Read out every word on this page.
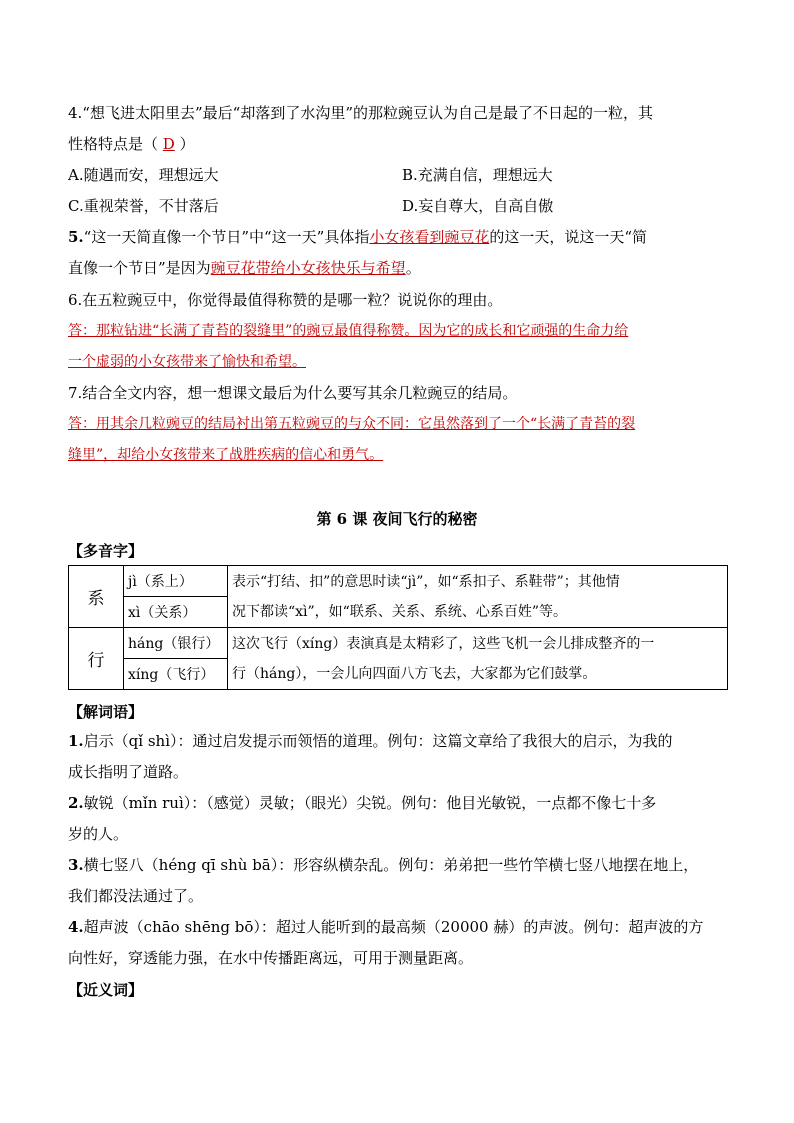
4.“想飞进太阳里去”最后“却落到了水沟里”的那粒豌豆认为自己是最了不日起的一粒，其
性格特点是（ D ）
A.随遇而安，理想远大	B.充满自信，理想远大
C.重视荣誉，不甘落后	D.妄自尊大，自高自傲
5.“这一天简直像一个节日”中“这一天”具体指小女孩看到豌豆花的这一天，说这一天“简
直像一个节日”是因为豌豆花带给小女孩快乐与希望。
6.在五粒豌豆中，你觉得最值得称赞的是哪一粒？说说你的理由。
答：那粒钻进“长满了青苔的裂缝里”的豌豆最值得称赞。因为它的成长和它顽强的生命力给
一个虚弱的小女孩带来了愉快和希望。
7.结合全文内容，想一想课文最后为什么要写其余几粒豌豆的结局。
答：用其余几粒豌豆的结局衬出第五粒豌豆的与众不同：它虽然落到了一个“长满了青苔的裂
缝里”，却给小女孩带来了战胜疾病的信心和勇气。
第 6 课 夜间飞行的秘密
【多音字】
系	jì（系上）	表示“打结、扣”的意思时读“jì”，如“系扣子、系鞋带”；其他情
况下都读“xì”，如“联系、关系、系统、心系百姓”等。

	xì（关系）	
行	háng（银行）	这次飞行（xíng）表演真是太精彩了，这些飞机一会儿排成整齐的一
行（háng），一会儿向四面八方飞去，大家都为它们鼓掌。

	xíng（飞行）	
【解词语】
1.启示（qǐ shì）：通过启发提示而领悟的道理。例句：这篇文章给了我很大的启示，为我的
成长指明了道路。
2.敏锐（mǐn ruì）：（感觉）灵敏；（眼光）尖锐。例句：他目光敏锐，一点都不像七十多
岁的人。
3.横七竖八（héng qī shù bā）：形容纵横杂乱。例句：弟弟把一些竹竿横七竖八地摆在地上，
我们都没法通过了。
4.超声波（chāo shēng bō）：超过人能听到的最高频（20000 赫）的声波。例句：超声波的方
向性好，穿透能力强，在水中传播距离远，可用于测量距离。
【近义词】
